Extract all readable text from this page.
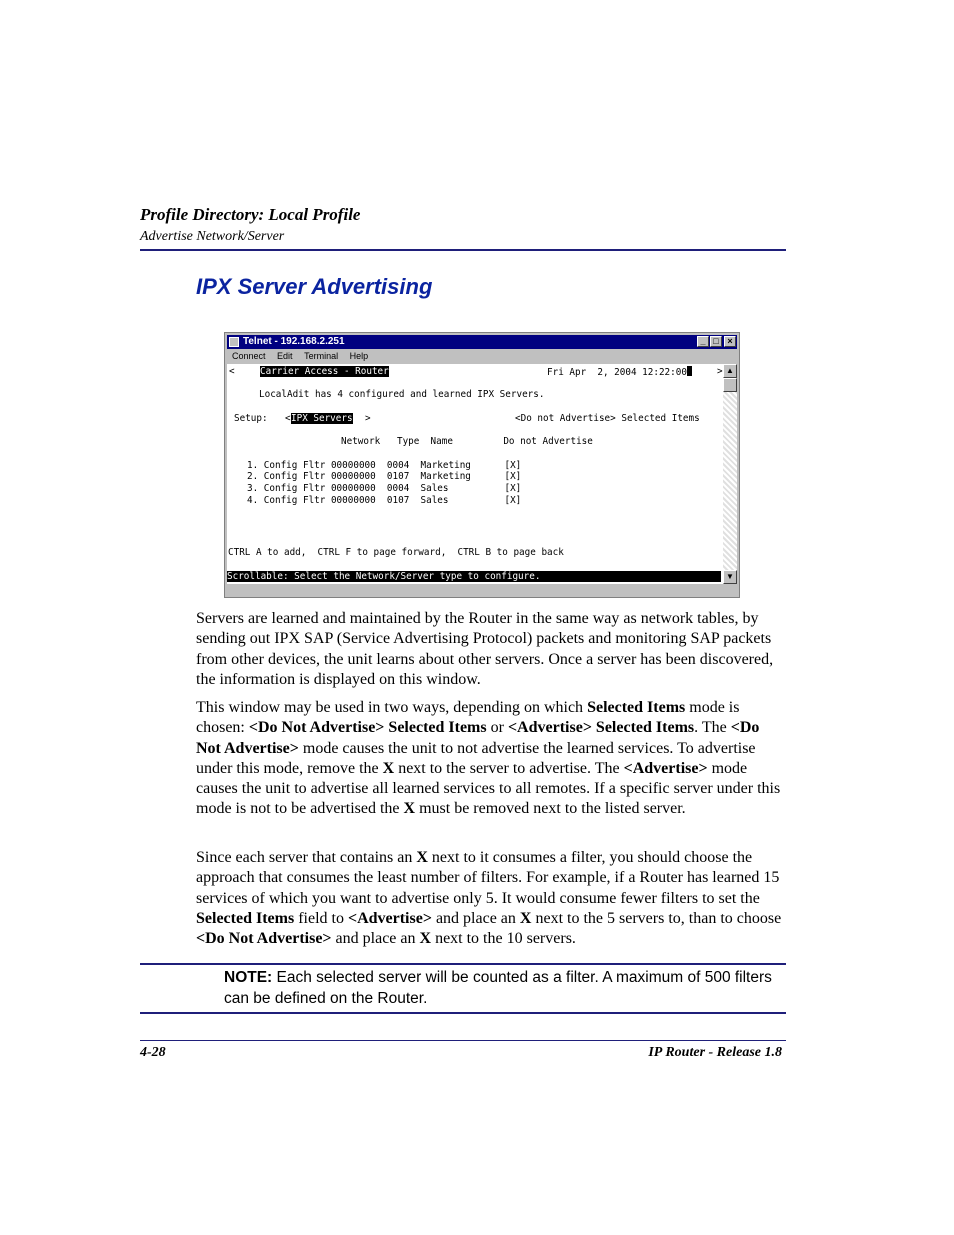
Profile Directory: Local Profile
Advertise Network/Server
IPX Server Advertising
Telnet - 192.168.2.251	_ □ ×
Connect Edit Terminal Help
<	Carrier Access - Router	Fri Apr  2, 2004 12:22:00	>
LocalAdit has 4 configured and learned IPX Servers.
Setup: < IPX Servers >	<Do not Advertise> Selected Items
Network   Type  Name         Do not Advertise
1. Config Fltr 00000000  0004  Marketing      [X]
2. Config Fltr 00000000  0107  Marketing      [X]
3. Config Fltr 00000000  0004  Sales          [X]
4. Config Fltr 00000000  0107  Sales          [X]
CTRL A to add,  CTRL F to page forward,  CTRL B to page back
Scrollable: Select the Network/Server type to configure.
▲
▼
Servers are learned and maintained by the Router in the same way as network tables, by sending out IPX SAP (Service Advertising Protocol) packets and monitoring SAP packets from other devices, the unit learns about other servers. Once a server has been discovered, the information is displayed on this window.
This window may be used in two ways, depending on which Selected Items mode is chosen: <Do Not Advertise> Selected Items or <Advertise> Selected Items. The <Do Not Advertise> mode causes the unit to not advertise the learned services. To advertise under this mode, remove the X next to the server to advertise. The <Advertise> mode causes the unit to advertise all learned services to all remotes. If a specific server under this mode is not to be advertised the X must be removed next to the listed server.
Since each server that contains an X next to it consumes a filter, you should choose the approach that consumes the least number of filters. For example, if a Router has learned 15 services of which you want to advertise only 5. It would consume fewer filters to set the Selected Items field to <Advertise> and place an X next to the 5 servers to, than to choose <Do Not Advertise> and place an X next to the 10 servers.
NOTE: Each selected server will be counted as a filter. A maximum of 500 filters can be defined on the Router.
4-28	IP Router - Release 1.8
